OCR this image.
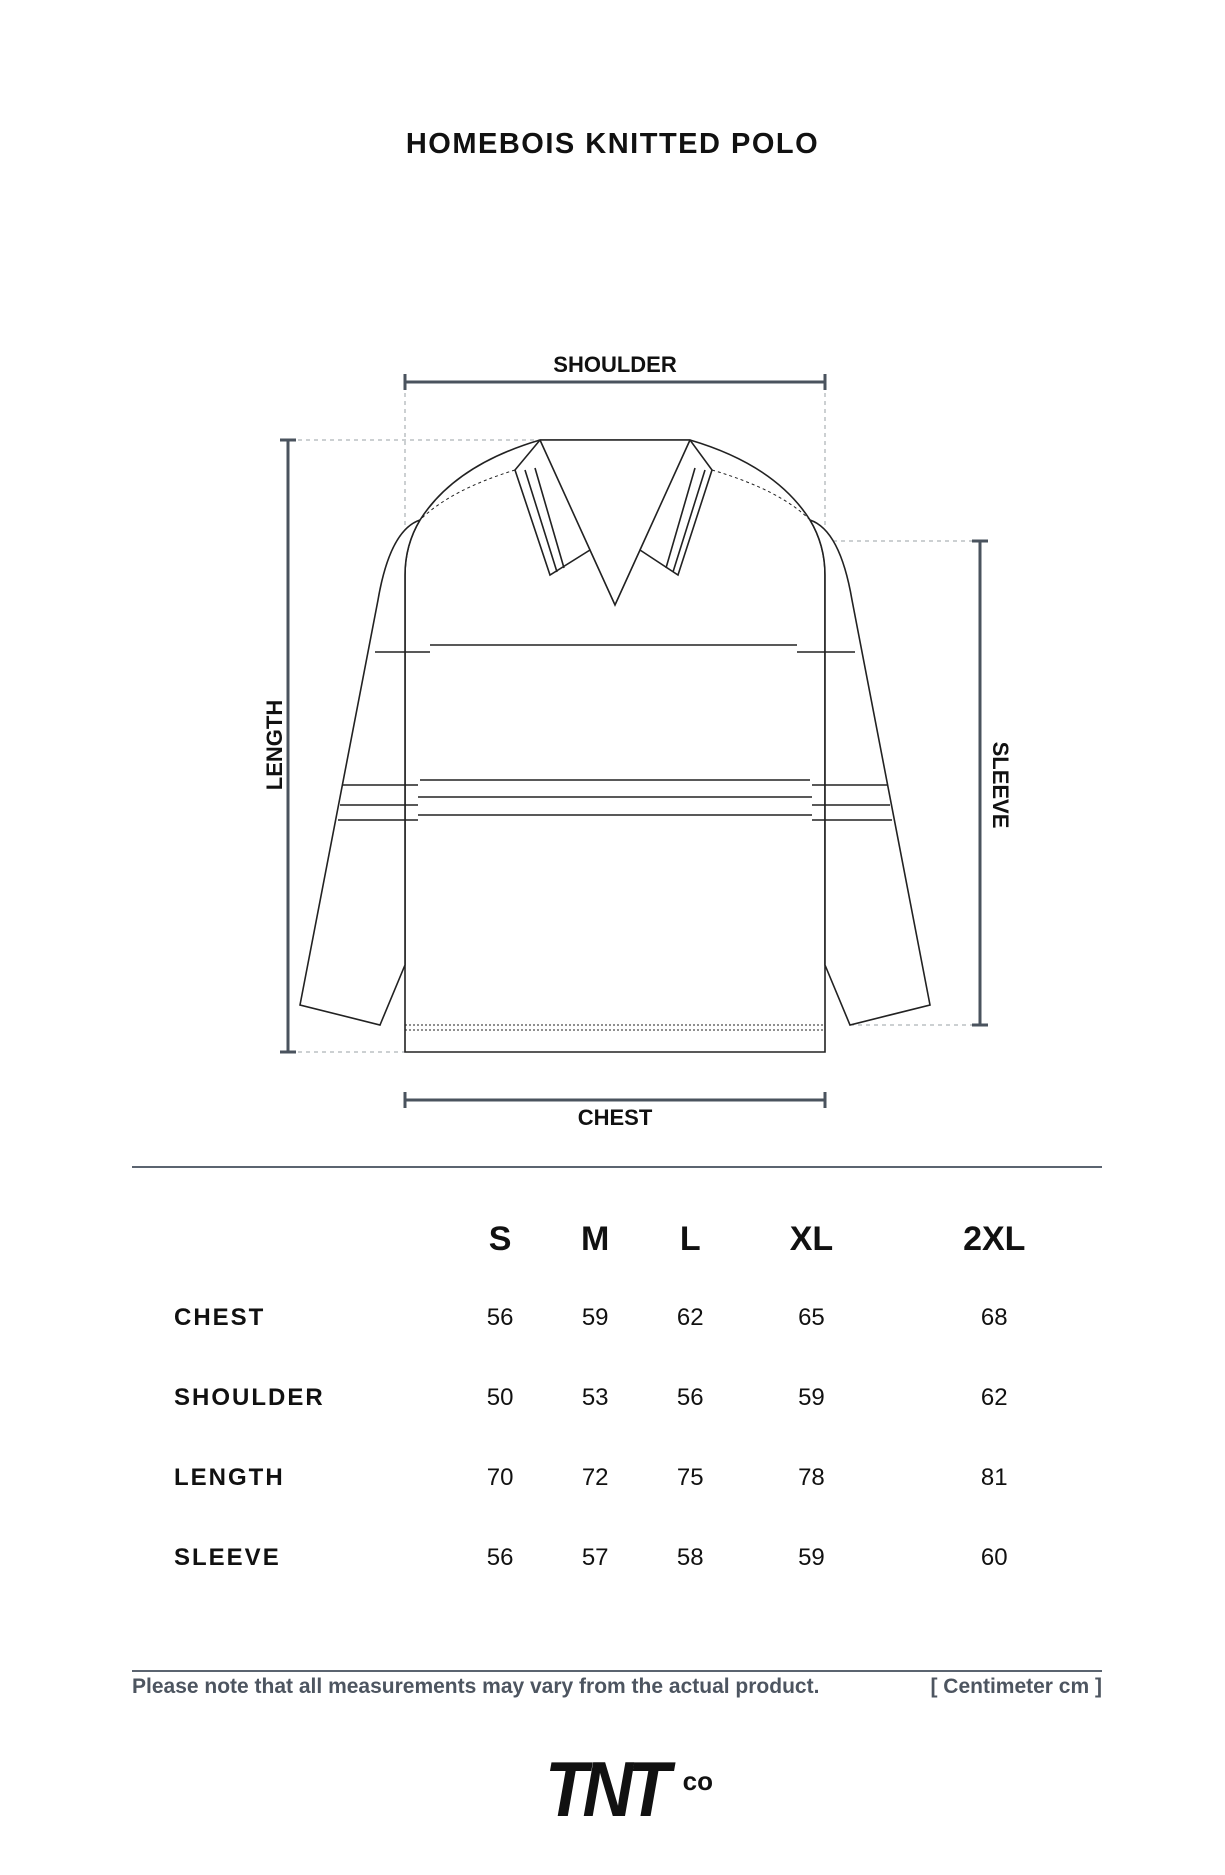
HOMEBOIS KNITTED POLO
SHOULDER
CHEST
LENGTH	SLEEVE
	S	M	L	XL	2XL
CHEST	56	59	62	65	68
SHOULDER	50	53	56	59	62
LENGTH	70	72	75	78	81
SLEEVE	56	57	58	59	60
Please note that all measurements may vary from the actual product.	[ Centimeter cm ]
TNT co
